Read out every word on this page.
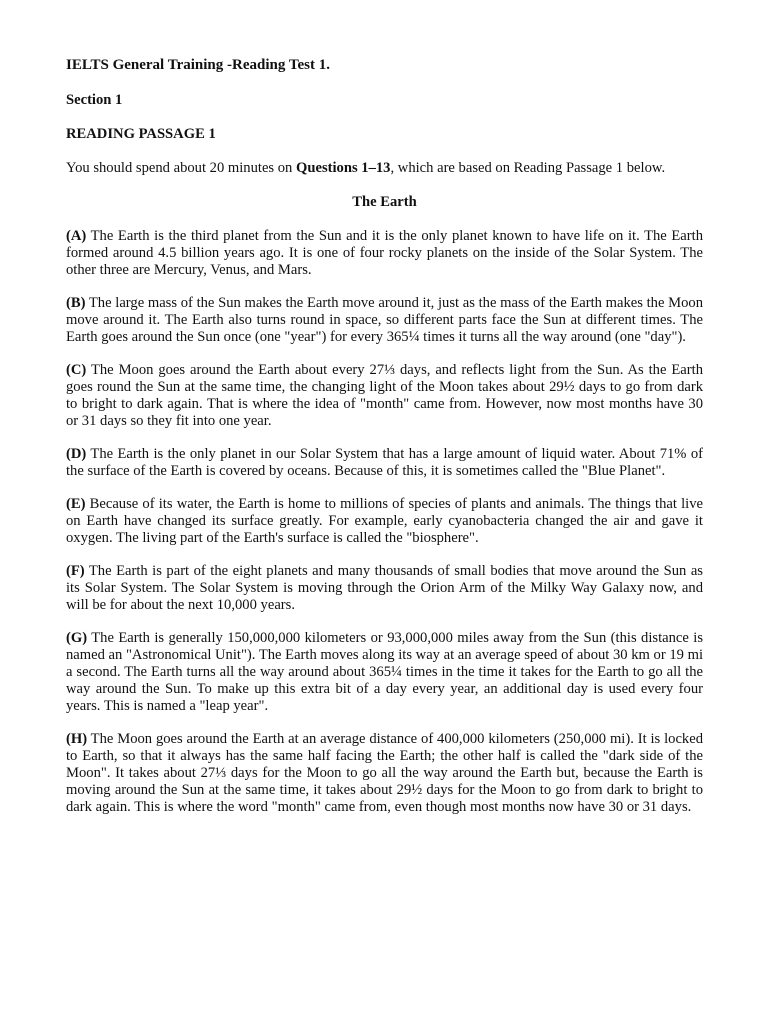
IELTS General Training -Reading Test 1.
Section 1
READING PASSAGE 1
You should spend about 20 minutes on Questions 1–13, which are based on Reading Passage 1 below.
The Earth
(A) The Earth is the third planet from the Sun and it is the only planet known to have life on it. The Earth formed around 4.5 billion years ago. It is one of four rocky planets on the inside of the Solar System. The other three are Mercury, Venus, and Mars.
(B) The large mass of the Sun makes the Earth move around it, just as the mass of the Earth makes the Moon move around it. The Earth also turns round in space, so different parts face the Sun at different times. The Earth goes around the Sun once (one "year") for every 365¼ times it turns all the way around (one "day").
(C) The Moon goes around the Earth about every 27⅓ days, and reflects light from the Sun. As the Earth goes round the Sun at the same time, the changing light of the Moon takes about 29½ days to go from dark to bright to dark again. That is where the idea of "month" came from. However, now most months have 30 or 31 days so they fit into one year.
(D) The Earth is the only planet in our Solar System that has a large amount of liquid water. About 71% of the surface of the Earth is covered by oceans. Because of this, it is sometimes called the "Blue Planet".
(E) Because of its water, the Earth is home to millions of species of plants and animals. The things that live on Earth have changed its surface greatly. For example, early cyanobacteria changed the air and gave it oxygen. The living part of the Earth's surface is called the "biosphere".
(F) The Earth is part of the eight planets and many thousands of small bodies that move around the Sun as its Solar System. The Solar System is moving through the Orion Arm of the Milky Way Galaxy now, and will be for about the next 10,000 years.
(G) The Earth is generally 150,000,000 kilometers or 93,000,000 miles away from the Sun (this distance is named an "Astronomical Unit"). The Earth moves along its way at an average speed of about 30 km or 19 mi a second. The Earth turns all the way around about 365¼ times in the time it takes for the Earth to go all the way around the Sun. To make up this extra bit of a day every year, an additional day is used every four years. This is named a "leap year".
(H) The Moon goes around the Earth at an average distance of 400,000 kilometers (250,000 mi). It is locked to Earth, so that it always has the same half facing the Earth; the other half is called the "dark side of the Moon". It takes about 27⅓ days for the Moon to go all the way around the Earth but, because the Earth is moving around the Sun at the same time, it takes about 29½ days for the Moon to go from dark to bright to dark again. This is where the word "month" came from, even though most months now have 30 or 31 days.
